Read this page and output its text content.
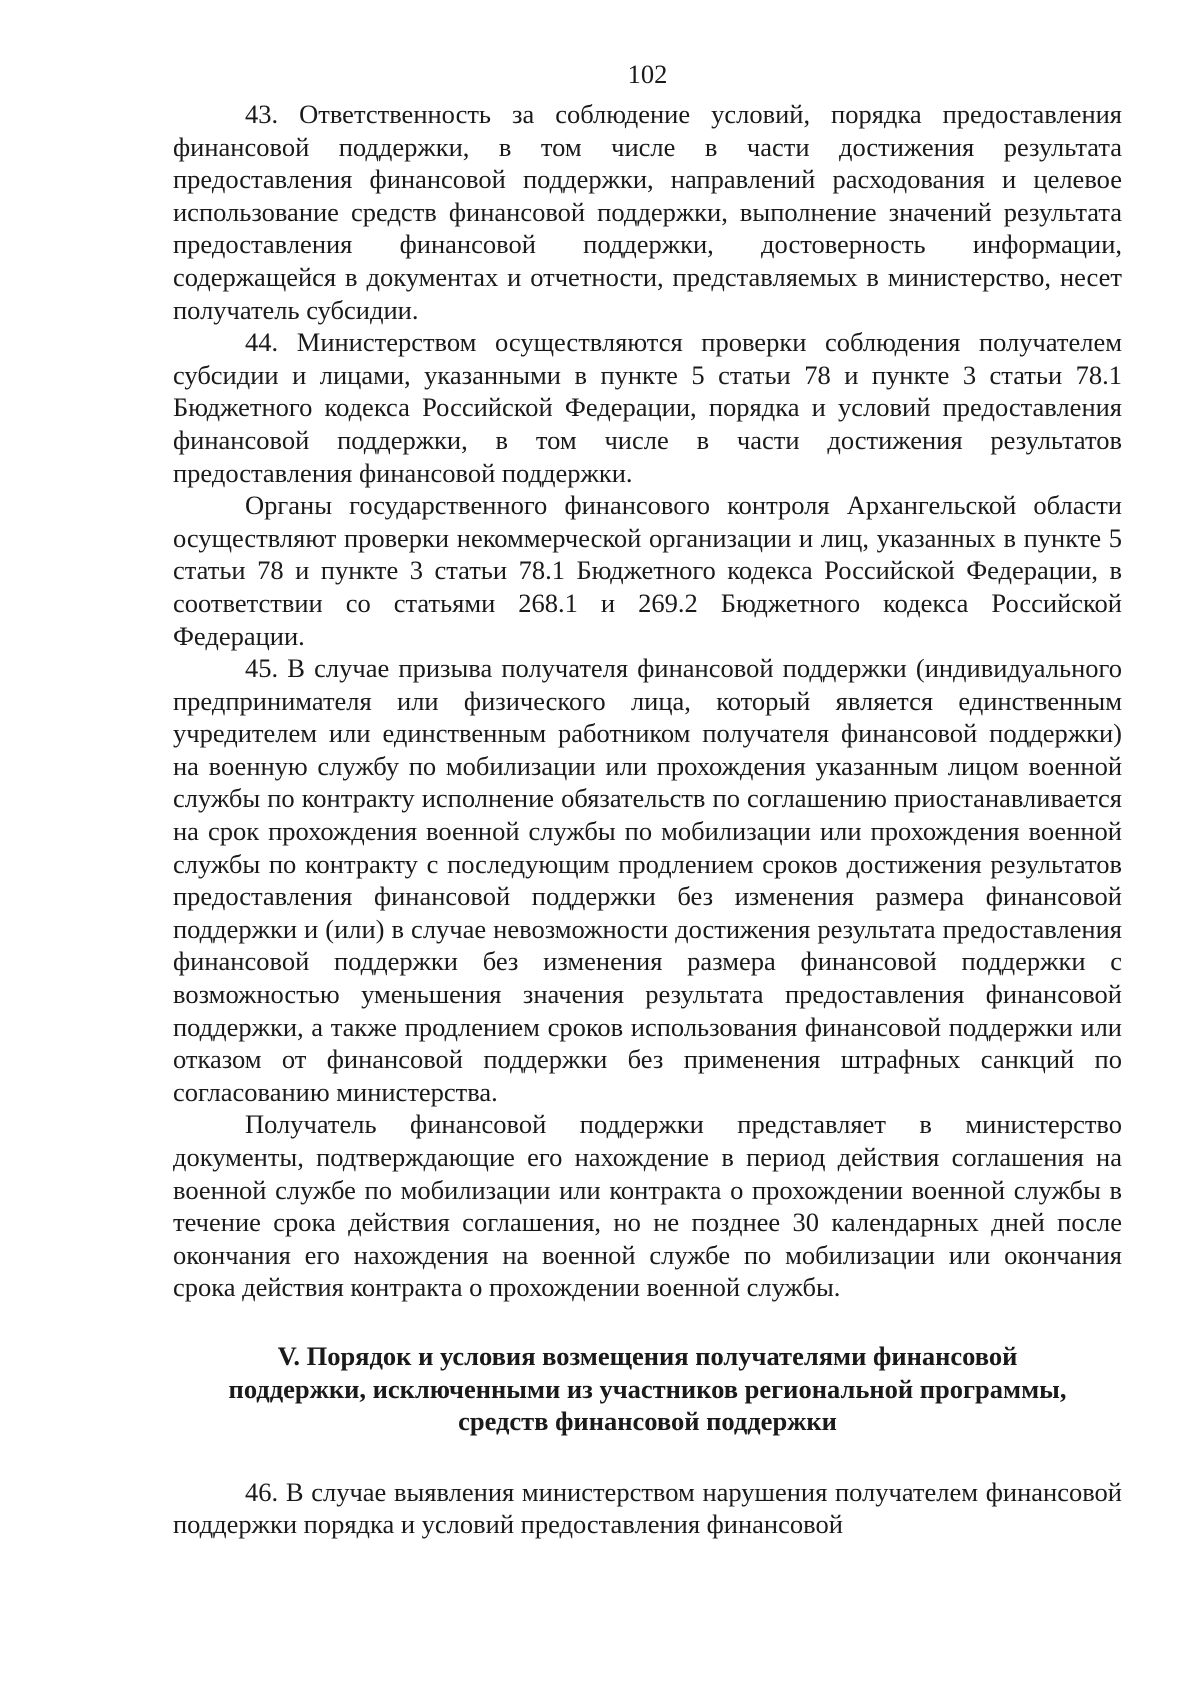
102

43. Ответственность за соблюдение условий, порядка предоставления финансовой поддержки, в том числе в части достижения результата предоставления финансовой поддержки, направлений расходования и целевое использование средств финансовой поддержки, выполнение значений результата предоставления финансовой поддержки, достоверность информации, содержащейся в документах и отчетности, представляемых в министерство, несет получатель субсидии.

44. Министерством осуществляются проверки соблюдения получателем субсидии и лицами, указанными в пункте 5 статьи 78 и пункте 3 статьи 78.1 Бюджетного кодекса Российской Федерации, порядка и условий предоставления финансовой поддержки, в том числе в части достижения результатов предоставления финансовой поддержки.

Органы государственного финансового контроля Архангельской области осуществляют проверки некоммерческой организации и лиц, указанных в пункте 5 статьи 78 и пункте 3 статьи 78.1 Бюджетного кодекса Российской Федерации, в соответствии со статьями 268.1 и 269.2 Бюджетного кодекса Российской Федерации.

45. В случае призыва получателя финансовой поддержки (индивидуального предпринимателя или физического лица, который является единственным учредителем или единственным работником получателя финансовой поддержки) на военную службу по мобилизации или прохождения указанным лицом военной службы по контракту исполнение обязательств по соглашению приостанавливается на срок прохождения военной службы по мобилизации или прохождения военной службы по контракту с последующим продлением сроков достижения результатов предоставления финансовой поддержки без изменения размера финансовой поддержки и (или) в случае невозможности достижения результата предоставления финансовой поддержки без изменения размера финансовой поддержки с возможностью уменьшения значения результата предоставления финансовой поддержки, а также продлением сроков использования финансовой поддержки или отказом от финансовой поддержки без применения штрафных санкций по согласованию министерства.

Получатель финансовой поддержки представляет в министерство документы, подтверждающие его нахождение в период действия соглашения на военной службе по мобилизации или контракта о прохождении военной службы в течение срока действия соглашения, но не позднее 30 календарных дней после окончания его нахождения на военной службе по мобилизации или окончания срока действия контракта о прохождении военной службы.

V. Порядок и условия возмещения получателями финансовой
поддержки, исключенными из участников региональной программы,
средств финансовой поддержки

46. В случае выявления министерством нарушения получателем финансовой поддержки порядка и условий предоставления финансовой
